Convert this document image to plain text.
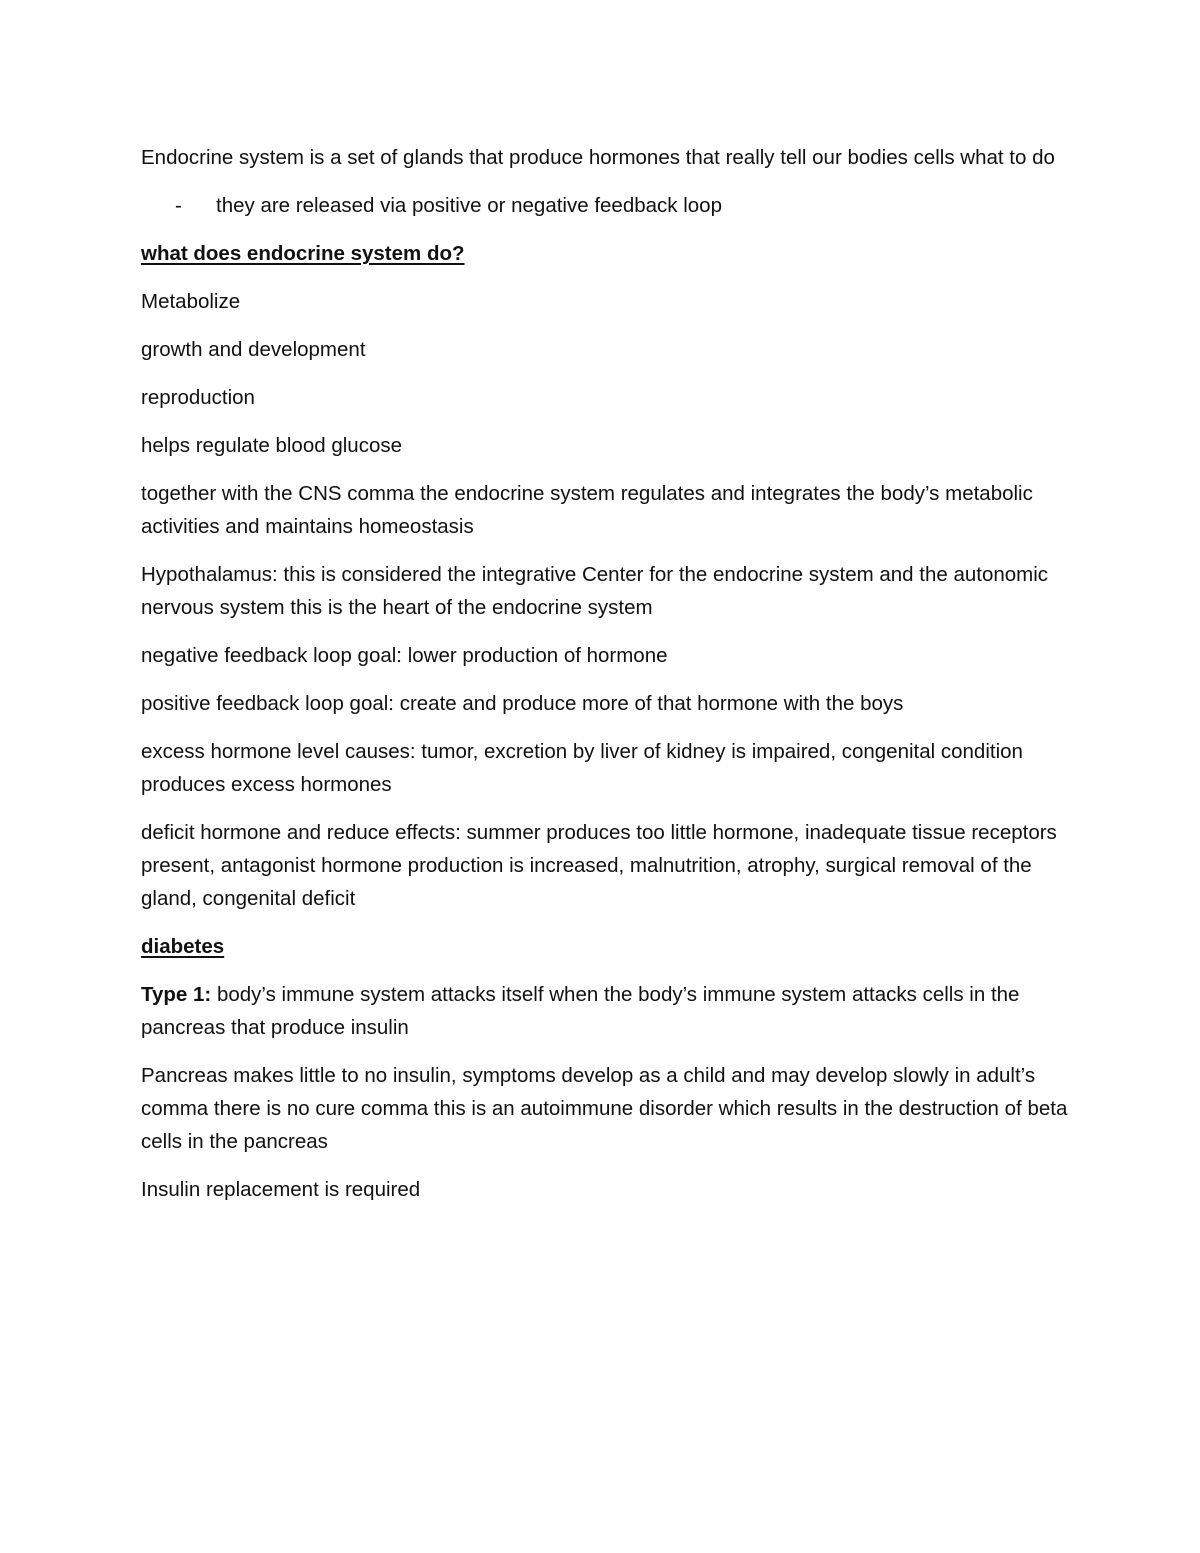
Endocrine system is a set of glands that produce hormones that really tell our bodies cells what to do

-	they are released via positive or negative feedback loop

what does endocrine system do?

Metabolize

growth and development

reproduction

helps regulate blood glucose

together with the CNS comma the endocrine system regulates and integrates the body’s metabolic activities and maintains homeostasis

Hypothalamus: this is considered the integrative Center for the endocrine system and the autonomic nervous system this is the heart of the endocrine system

negative feedback loop goal: lower production of hormone

positive feedback loop goal: create and produce more of that hormone with the boys

excess hormone level causes: tumor, excretion by liver of kidney is impaired, congenital condition produces excess hormones

deficit hormone and reduce effects: summer produces too little hormone, inadequate tissue receptors present, antagonist hormone production is increased, malnutrition, atrophy, surgical removal of the gland, congenital deficit

diabetes

Type 1: body’s immune system attacks itself when the body’s immune system attacks cells in the pancreas that produce insulin

Pancreas makes little to no insulin, symptoms develop as a child and may develop slowly in adult’s comma there is no cure comma this is an autoimmune disorder which results in the destruction of beta cells in the pancreas

Insulin replacement is required
